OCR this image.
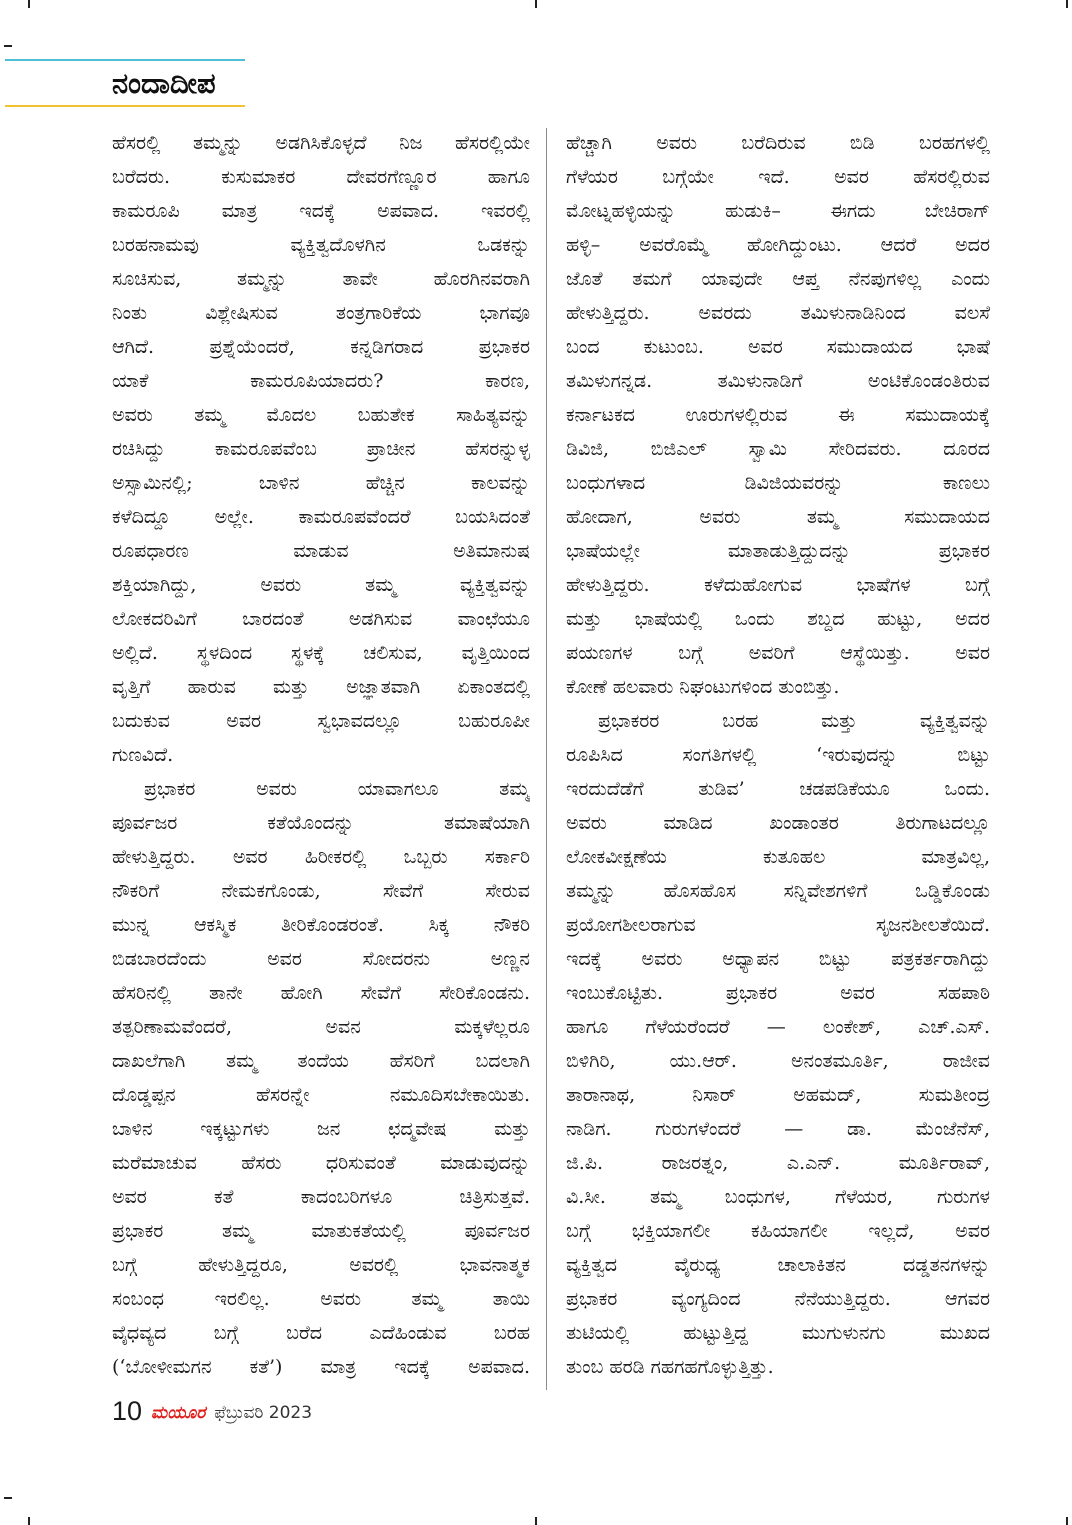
ನಂದಾದೀಪ
ಹೆಸರಲ್ಲಿ ತಮ್ಮನ್ನು ಅಡಗಿಸಿಕೊಳ್ಳದೆ ನಿಜ ಹೆಸರಲ್ಲಿಯೇ
ಬರೆದರು. ಕುಸುಮಾಕರ ದೇವರಗೆಣ್ಣೂರ ಹಾಗೂ
ಕಾಮರೂಪಿ ಮಾತ್ರ ಇದಕ್ಕೆ ಅಪವಾದ. ಇವರಲ್ಲಿ
ಬರಹನಾಮವು ವ್ಯಕ್ತಿತ್ವದೊಳಗಿನ ಒಡಕನ್ನು
ಸೂಚಿಸುವ, ತಮ್ಮನ್ನು ತಾವೇ ಹೊರಗಿನವರಾಗಿ
ನಿಂತು ವಿಶ್ಲೇಷಿಸುವ ತಂತ್ರಗಾರಿಕೆಯ ಭಾಗವೂ
ಆಗಿದೆ. ಪ್ರಶ್ನೆಯೆಂದರೆ, ಕನ್ನಡಿಗರಾದ ಪ್ರಭಾಕರ
ಯಾಕೆ ಕಾಮರೂಪಿಯಾದರು? ಕಾರಣ,
ಅವರು ತಮ್ಮ ಮೊದಲ ಬಹುತೇಕ ಸಾಹಿತ್ಯವನ್ನು
ರಚಿಸಿದ್ದು ಕಾಮರೂಪವೆಂಬ ಪ್ರಾಚೀನ ಹೆಸರನ್ನುಳ್ಳ
ಅಸ್ಸಾಮಿನಲ್ಲಿ; ಬಾಳಿನ ಹೆಚ್ಚಿನ ಕಾಲವನ್ನು
ಕಳೆದಿದ್ದೂ ಅಲ್ಲೇ. ಕಾಮರೂಪವೆಂದರೆ ಬಯಸಿದಂತೆ
ರೂಪಧಾರಣ ಮಾಡುವ ಅತಿಮಾನುಷ
ಶಕ್ತಿಯಾಗಿದ್ದು, ಅವರು ತಮ್ಮ ವ್ಯಕ್ತಿತ್ವವನ್ನು
ಲೋಕದರಿವಿಗೆ ಬಾರದಂತೆ ಅಡಗಿಸುವ ವಾಂಛೆಯೂ
ಅಲ್ಲಿದೆ. ಸ್ಥಳದಿಂದ ಸ್ಥಳಕ್ಕೆ ಚಲಿಸುವ, ವೃತ್ತಿಯಿಂದ
ವೃತ್ತಿಗೆ ಹಾರುವ ಮತ್ತು ಅಜ್ಞಾತವಾಗಿ ಏಕಾಂತದಲ್ಲಿ
ಬದುಕುವ ಅವರ ಸ್ವಭಾವದಲ್ಲೂ ಬಹುರೂಪೀ
ಗುಣವಿದೆ.
ಪ್ರಭಾಕರ ಅವರು ಯಾವಾಗಲೂ ತಮ್ಮ
ಪೂರ್ವಜರ ಕತೆಯೊಂದನ್ನು ತಮಾಷೆಯಾಗಿ
ಹೇಳುತ್ತಿದ್ದರು. ಅವರ ಹಿರೀಕರಲ್ಲಿ ಒಬ್ಬರು ಸರ್ಕಾರಿ
ನೌಕರಿಗೆ ನೇಮಕಗೊಂಡು, ಸೇವೆಗೆ ಸೇರುವ
ಮುನ್ನ ಆಕಸ್ಮಿಕ ತೀರಿಕೊಂಡರಂತೆ. ಸಿಕ್ಕ ನೌಕರಿ
ಬಿಡಬಾರದೆಂದು ಅವರ ಸೋದರನು ಅಣ್ಣನ
ಹೆಸರಿನಲ್ಲಿ ತಾನೇ ಹೋಗಿ ಸೇವೆಗೆ ಸೇರಿಕೊಂಡನು.
ತತ್ಪರಿಣಾಮವೆಂದರೆ, ಅವನ ಮಕ್ಕಳೆಲ್ಲರೂ
ದಾಖಲೆಗಾಗಿ ತಮ್ಮ ತಂದೆಯ ಹೆಸರಿಗೆ ಬದಲಾಗಿ
ದೊಡ್ಡಪ್ಪನ ಹೆಸರನ್ನೇ ನಮೂದಿಸಬೇಕಾಯಿತು.
ಬಾಳಿನ ಇಕ್ಕಟ್ಟುಗಳು ಜನ ಛದ್ಮವೇಷ ಮತ್ತು
ಮರೆಮಾಚುವ ಹೆಸರು ಧರಿಸುವಂತೆ ಮಾಡುವುದನ್ನು
ಅವರ ಕತೆ ಕಾದಂಬರಿಗಳೂ ಚಿತ್ರಿಸುತ್ತವೆ.
ಪ್ರಭಾಕರ ತಮ್ಮ ಮಾತುಕತೆಯಲ್ಲಿ ಪೂರ್ವಜರ
ಬಗ್ಗೆ ಹೇಳುತ್ತಿದ್ದರೂ, ಅವರಲ್ಲಿ ಭಾವನಾತ್ಮಕ
ಸಂಬಂಧ ಇರಲಿಲ್ಲ. ಅವರು ತಮ್ಮ ತಾಯಿ
ವೈಧವ್ಯದ ಬಗ್ಗೆ ಬರೆದ ಎದೆಹಿಂಡುವ ಬರಹ
(‘ಬೋಳೀಮಗನ ಕತೆ’) ಮಾತ್ರ ಇದಕ್ಕೆ ಅಪವಾದ.
ಹೆಚ್ಚಾಗಿ ಅವರು ಬರೆದಿರುವ ಬಿಡಿ ಬರಹಗಳಲ್ಲಿ
ಗೆಳೆಯರ ಬಗ್ಗೆಯೇ ಇದೆ. ಅವರ ಹೆಸರಲ್ಲಿರುವ
ಮೋಟ್ನಹಳ್ಳಿಯನ್ನು ಹುಡುಕಿ– ಈಗದು ಬೇಚಿರಾಗ್
ಹಳ್ಳಿ– ಅವರೊಮ್ಮೆ ಹೋಗಿದ್ದುಂಟು. ಆದರೆ ಅದರ
ಜೊತೆ ತಮಗೆ ಯಾವುದೇ ಆಪ್ತ ನೆನಪುಗಳಿಲ್ಲ ಎಂದು
ಹೇಳುತ್ತಿದ್ದರು. ಅವರದು ತಮಿಳುನಾಡಿನಿಂದ ವಲಸೆ
ಬಂದ ಕುಟುಂಬ. ಅವರ ಸಮುದಾಯದ ಭಾಷೆ
ತಮಿಳುಗನ್ನಡ. ತಮಿಳುನಾಡಿಗೆ ಅಂಟಿಕೊಂಡಂತಿರುವ
ಕರ್ನಾಟಕದ ಊರುಗಳಲ್ಲಿರುವ ಈ ಸಮುದಾಯಕ್ಕೆ
ಡಿವಿಜಿ, ಬಿಜಿಎಲ್ ಸ್ವಾಮಿ ಸೇರಿದವರು. ದೂರದ
ಬಂಧುಗಳಾದ ಡಿವಿಜಿಯವರನ್ನು ಕಾಣಲು
ಹೋದಾಗ, ಅವರು ತಮ್ಮ ಸಮುದಾಯದ
ಭಾಷೆಯಲ್ಲೇ ಮಾತಾಡುತ್ತಿದ್ದುದನ್ನು ಪ್ರಭಾಕರ
ಹೇಳುತ್ತಿದ್ದರು. ಕಳೆದುಹೋಗುವ ಭಾಷೆಗಳ ಬಗ್ಗೆ
ಮತ್ತು ಭಾಷೆಯಲ್ಲಿ ಒಂದು ಶಬ್ದದ ಹುಟ್ಟು, ಅದರ
ಪಯಣಗಳ ಬಗ್ಗೆ ಅವರಿಗೆ ಆಸ್ಥೆಯಿತ್ತು. ಅವರ
ಕೋಣೆ ಹಲವಾರು ನಿಘಂಟುಗಳಿಂದ ತುಂಬಿತ್ತು.
ಪ್ರಭಾಕರರ ಬರಹ ಮತ್ತು ವ್ಯಕ್ತಿತ್ವವನ್ನು
ರೂಪಿಸಿದ ಸಂಗತಿಗಳಲ್ಲಿ ‘ಇರುವುದನ್ನು ಬಿಟ್ಟು
ಇರದುದೆಡೆಗೆ ತುಡಿವ’ ಚಡಪಡಿಕೆಯೂ ಒಂದು.
ಅವರು ಮಾಡಿದ ಖಂಡಾಂತರ ತಿರುಗಾಟದಲ್ಲೂ
ಲೋಕವೀಕ್ಷಣೆಯ ಕುತೂಹಲ ಮಾತ್ರವಿಲ್ಲ,
ತಮ್ಮನ್ನು ಹೊಸಹೊಸ ಸನ್ನಿವೇಶಗಳಿಗೆ ಒಡ್ಡಿಕೊಂಡು
ಪ್ರಯೋಗಶೀಲರಾಗುವ ಸೃಜನಶೀಲತೆಯಿದೆ.
ಇದಕ್ಕೆ ಅವರು ಅಧ್ಯಾಪನ ಬಿಟ್ಟು ಪತ್ರಕರ್ತರಾಗಿದ್ದು
ಇಂಬುಕೊಟ್ಟಿತು. ಪ್ರಭಾಕರ ಅವರ ಸಹಪಾಠಿ
ಹಾಗೂ ಗೆಳೆಯರೆಂದರೆ — ಲಂಕೇಶ್, ಎಚ್.ಎಸ್.
ಬಿಳಿಗಿರಿ, ಯು.ಆರ್. ಅನಂತಮೂರ್ತಿ, ರಾಜೀವ
ತಾರಾನಾಥ, ನಿಸಾರ್ ಅಹಮದ್, ಸುಮತೀಂದ್ರ
ನಾಡಿಗ. ಗುರುಗಳೆಂದರೆ — ಡಾ. ಮೆಂಜೆನೆಸ್,
ಜಿ.ಪಿ. ರಾಜರತ್ನಂ, ಎ.ಎನ್. ಮೂರ್ತಿರಾವ್,
ವಿ.ಸೀ. ತಮ್ಮ ಬಂಧುಗಳ, ಗೆಳೆಯರ, ಗುರುಗಳ
ಬಗ್ಗೆ ಭಕ್ತಿಯಾಗಲೀ ಕಹಿಯಾಗಲೀ ಇಲ್ಲದೆ, ಅವರ
ವ್ಯಕ್ತಿತ್ವದ ವೈರುಧ್ಯ ಚಾಲಾಕಿತನ ದಡ್ಡತನಗಳನ್ನು
ಪ್ರಭಾಕರ ವ್ಯಂಗ್ಯದಿಂದ ನೆನೆಯುತ್ತಿದ್ದರು. ಆಗವರ
ತುಟಿಯಲ್ಲಿ ಹುಟ್ಟುತ್ತಿದ್ದ ಮುಗುಳುನಗು ಮುಖದ
ತುಂಬ ಹರಡಿ ಗಹಗಹಗೊಳ್ಳುತ್ತಿತ್ತು.
10 ಮಯೂರ ಫೆಬ್ರುವರಿ 2023
